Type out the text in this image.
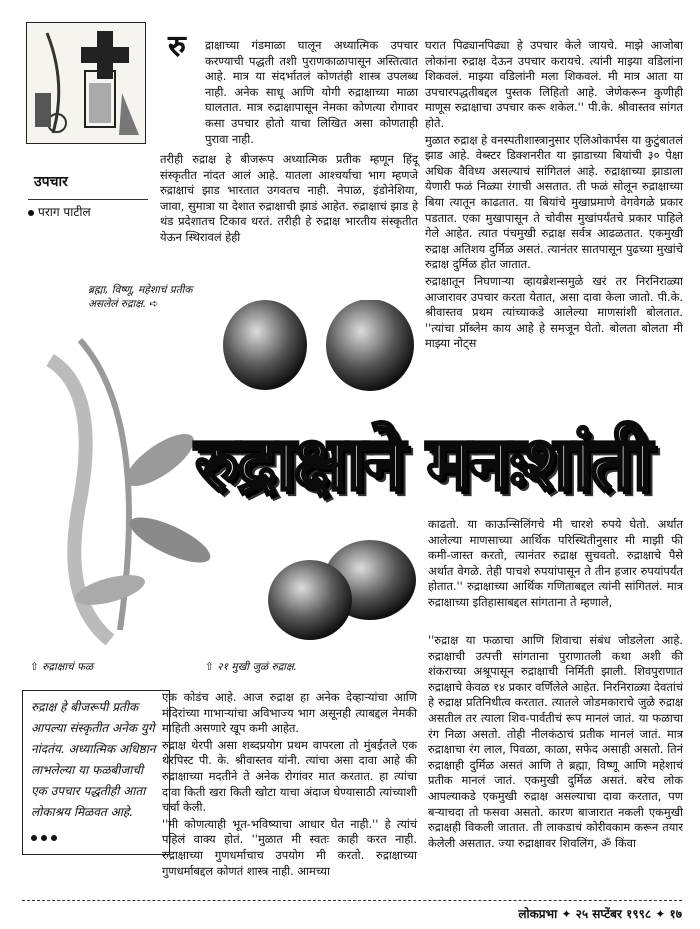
रु द्राक्षाच्या गंडमाळा घालून अध्यात्मिक उपचार करण्याची पद्धती तशी पुराणकाळापासून अस्तित्वात आहे. मात्र या संदर्भातलं कोणतंही शास्त्र उपलब्ध नाही. अनेक साधू आणि योगी रुद्राक्षाच्या माळा घालतात. मात्र रुद्राक्षापासून नेमका कोणत्या रोगावर कसा उपचार होतो याचा लिखित असा कोणताही पुरावा नाही.

तरीही रुद्राक्ष हे बीजरूप अध्यात्मिक प्रतीक म्हणून हिंदू संस्कृतीत नांदत आलं आहे. यातला आश्चर्याचा भाग म्हणजे रुद्राक्षाचं झाड भारतात उगवतच नाही. नेपाळ, इंडोनेशिया, जावा, सुमात्रा या देशात रुद्राक्षाची झाडं आहेत. रुद्राक्षाचं झाड हे थंड प्रदेशातच टिकाव धरतं. तरीही हे रुद्राक्ष भारतीय संस्कृतीत येऊन स्थिरावलं हेही

उपचार
पराग पाटील

घरात पिढ्यानपिढ्या हे उपचार केले जायचे. माझे आजोबा लोकांना रुद्राक्ष देऊन उपचार करायचे. त्यांनी माझ्या वडिलांना शिकवलं. माझ्या वडिलांनी मला शिकवलं. मी मात्र आता या उपचारपद्धतीबद्दल पुस्तक लिहितो आहे. जेणेकरून कुणीही माणूस रुद्राक्षाचा उपचार करू शकेल.'' पी.के. श्रीवास्तव सांगत होते.

मुळात रुद्राक्ष हे वनस्पतीशास्त्रानुसार एलिओकार्पस या कुटुंबातलं झाड आहे. वेब्स्टर डिक्शनरीत या झाडाच्या बियांची ३० पेक्षा अधिक वैविध्य असल्याचं सांगितलं आहे. रुद्राक्षाच्या झाडाला येणारी फळं निळ्या रंगाची असतात. ती फळं सोलून रुद्राक्षाच्या बिया त्यातून काढतात. या बियांचे मुखाप्रमाणे वेगवेगळे प्रकार पडतात. एका मुखापासून ते चोवीस मुखांपर्यंतचे प्रकार पाहिले गेले आहेत. त्यात पंचमुखी रुद्राक्ष सर्वत्र आढळतात. एकमुखी रुद्राक्ष अतिशय दुर्मिळ असतं. त्यानंतर सातपासून पुढच्या मुखांचे रुद्राक्ष दुर्मिळ होत जातात.

रुद्राक्षातून निघणाऱ्या व्हायब्रेशन्समुळे खरं तर निरनिराळ्या आजारावर उपचार करता येतात, असा दावा केला जातो. पी.के. श्रीवास्तव प्रथम त्यांच्याकडे आलेल्या माणसांशी बोलतात. ''त्यांचा प्रॉब्लेम काय आहे हे समजून घेतो. बोलता बोलता मी माझ्या नोट्स

ब्रह्मा, विष्णू, महेशाचं प्रतीक असलेलं रुद्राक्ष. ➪
रुद्राक्षाने मनःशांती

काढतो. या काऊन्सिलिंगचे मी चारशे रुपये घेतो. अर्थात आलेल्या माणसाच्या आर्थिक परिस्थितीनुसार मी माझी फी कमी-जास्त करतो, त्यानंतर रुद्राक्ष सुचवतो. रुद्राक्षाचे पैसे अर्थात वेगळे. तेही पाचशे रुपयांपासून ते तीन हजार रुपयांपर्यंत होतात.'' रुद्राक्षाच्या आर्थिक गणिताबद्दल त्यांनी सांगितलं. मात्र रुद्राक्षाच्या इतिहासाबद्दल सांगताना ते म्हणाले,

⇧ रुद्राक्षाचं फळ	⇧ २१ मुखी जुळं रुद्राक्ष.

''रुद्राक्ष या फळाचा आणि शिवाचा संबंध जोडलेला आहे. रुद्राक्षाची उत्पत्ती सांगताना पुराणातली कथा अशी की शंकराच्या अश्रूपासून रुद्राक्षाची निर्मिती झाली. शिवपुराणात रुद्राक्षाचे केवळ १४ प्रकार वर्णिलेले आहेत. निरनिराळ्या देवतांचं हे रुद्राक्ष प्रतिनिधीत्व करतात. त्यातले जोडमकाराचे जुळे रुद्राक्ष असतील तर त्याला शिव-पार्वतीचं रूप मानलं जातं. या फळाचा रंग निळा असतो. तोही नीलकंठाचं प्रतीक मानलं जातं. मात्र रुद्राक्षाचा रंग लाल, पिवळा, काळा, सफेद असाही असतो. तिनं रुद्राक्षाही दुर्मिळ असतं आणि ते ब्रह्मा, विष्णू आणि महेशाचं प्रतीक मानलं जातं. एकमुखी दुर्मिळ असतं. बरेच लोक आपल्याकडे एकमुखी रुद्राक्ष असल्याचा दावा करतात, पण बऱ्याचदा तो फसवा असतो. कारण बाजारात नकली एकमुखी रुद्राक्षही विकली जातात. ती लाकडाचं कोरीवकाम करून तयार केलेली असतात. ज्या रुद्राक्षावर शिवलिंग, ॐ किंवा

रुद्राक्ष हे बीजरूपी प्रतीक आपल्या संस्कृतीत अनेक युगे नांदतंय. अध्यात्मिक अधिष्ठान लाभलेल्या या फळबीजाची एक उपचार पद्धतीही आता लोकाश्रय मिळवत आहे.

एक कोडंच आहे. आज रुद्राक्ष हा अनेक देव्हाऱ्यांचा आणि मंदिरांच्या गाभाऱ्यांचा अविभाज्य भाग असूनही त्याबद्दल नेमकी माहिती असणारे खूप कमी आहेत.

रुद्राक्ष थेरपी असा शब्दप्रयोग प्रथम वापरला तो मुंबईतले एक थेरपिस्ट पी. के. श्रीवास्तव यांनी. त्यांचा असा दावा आहे की रुद्राक्षाच्या मदतीने ते अनेक रोगांवर मात करतात. हा त्यांचा दावा किती खरा किती खोटा याचा अंदाज घेण्यासाठी त्यांच्याशी चर्चा केली.

''मी कोणत्याही भूत-भविष्याचा आधार घेत नाही.'' हे त्यांचं पहिलं वाक्य होतं. ''मुळात मी स्वतः काही करत नाही. रुद्राक्षाच्या गुणधर्माचाच उपयोग मी करतो. रुद्राक्षाच्या गुणधर्माबद्दल कोणतं शास्त्र नाही. आमच्या

लोकप्रभा ✦ २५ सप्टेंबर १९९८ ✦ १७
